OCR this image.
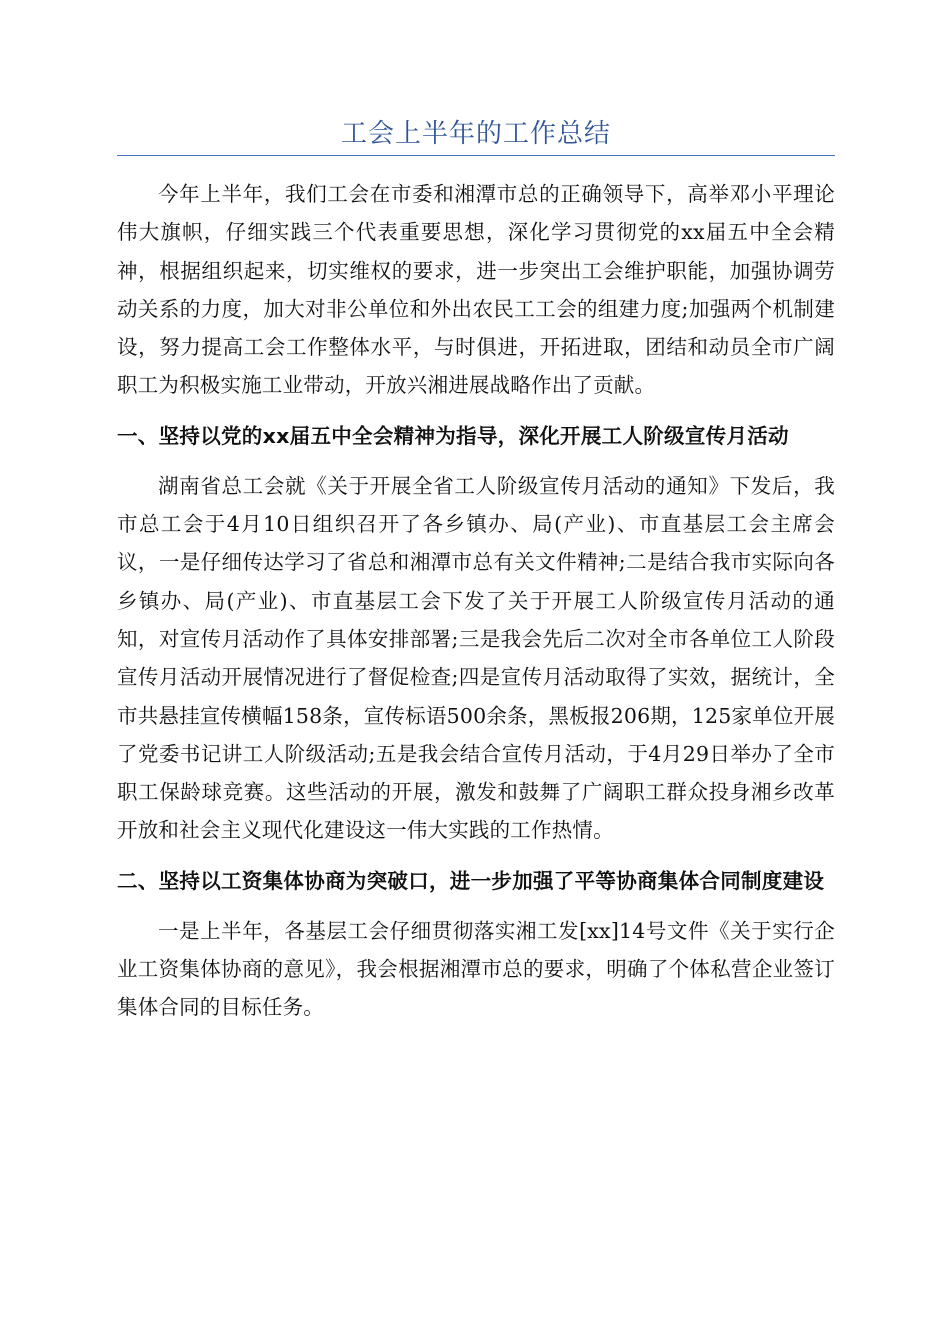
工会上半年的工作总结

今年上半年，我们工会在市委和湘潭市总的正确领导下，高举邓小平理论伟大旗帜，仔细实践三个代表重要思想，深化学习贯彻党的xx届五中全会精神，根据组织起来，切实维权的要求，进一步突出工会维护职能，加强协调劳动关系的力度，加大对非公单位和外出农民工工会的组建力度;加强两个机制建设，努力提高工会工作整体水平，与时俱进，开拓进取，团结和动员全市广阔职工为积极实施工业带动，开放兴湘进展战略作出了贡献。

一、坚持以党的xx届五中全会精神为指导，深化开展工人阶级宣传月活动

湖南省总工会就《关于开展全省工人阶级宣传月活动的通知》下发后，我市总工会于4月10日组织召开了各乡镇办、局(产业)、市直基层工会主席会议，一是仔细传达学习了省总和湘潭市总有关文件精神;二是结合我市实际向各乡镇办、局(产业)、市直基层工会下发了关于开展工人阶级宣传月活动的通知，对宣传月活动作了具体安排部署;三是我会先后二次对全市各单位工人阶段宣传月活动开展情况进行了督促检查;四是宣传月活动取得了实效，据统计，全市共悬挂宣传横幅158条，宣传标语500余条，黑板报206期，125家单位开展了党委书记讲工人阶级活动;五是我会结合宣传月活动，于4月29日举办了全市职工保龄球竞赛。这些活动的开展，激发和鼓舞了广阔职工群众投身湘乡改革开放和社会主义现代化建设这一伟大实践的工作热情。

二、坚持以工资集体协商为突破口，进一步加强了平等协商集体合同制度建设

一是上半年，各基层工会仔细贯彻落实湘工发[xx]14号文件《关于实行企业工资集体协商的意见》，我会根据湘潭市总的要求，明确了个体私营企业签订集体合同的目标任务。
